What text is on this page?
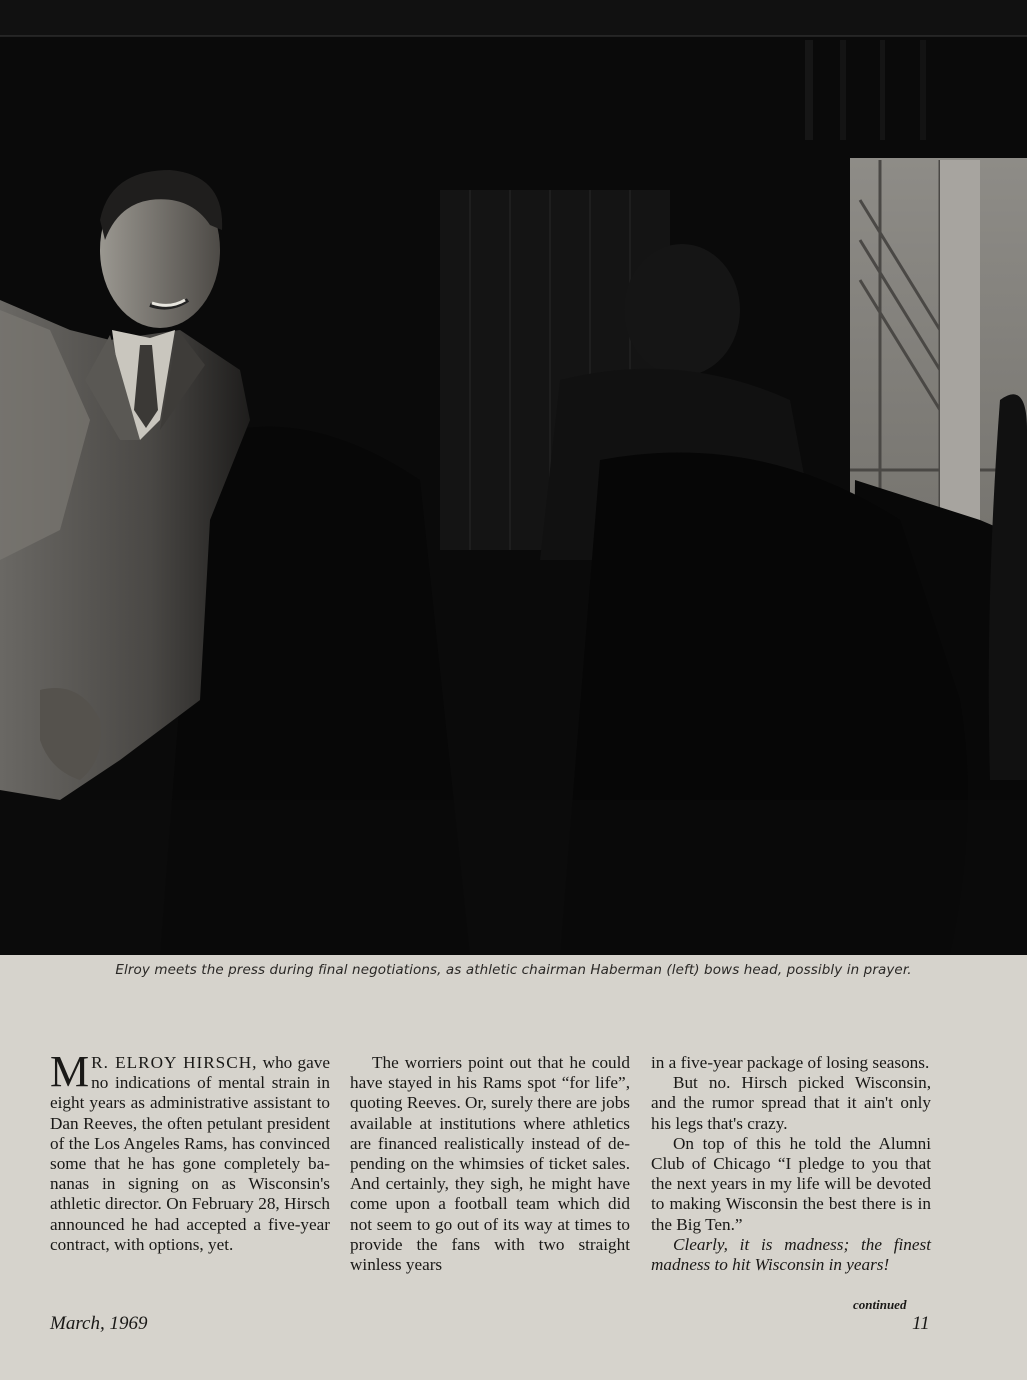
Elroy meets the press during final negotiations, as athletic chairman Haberman (left) bows head, possibly in prayer.

M R. ELROY HIRSCH, who gave no indications of mental strain in eight years as administrative assistant to Dan Reeves, the often petulant president of the Los Angeles Rams, has convinced some that he has gone completely bananas in signing on as Wisconsin's athletic director. On February 28, Hirsch announced he had accepted a five-year contract, with options, yet.

The worriers point out that he could have stayed in his Rams spot “for life”, quoting Reeves. Or, surely there are jobs available at institutions where athletics are financed realistically instead of depending on the whimsies of ticket sales. And certainly, they sigh, he might have come upon a football team which did not seem to go out of its way at times to provide the fans with two straight winless years

in a five-year package of losing seasons.

But no. Hirsch picked Wisconsin, and the rumor spread that it ain't only his legs that's crazy.

On top of this he told the Alumni Club of Chicago “I pledge to you that the next years in my life will be devoted to making Wisconsin the best there is in the Big Ten.”

Clearly, it is madness; the finest madness to hit Wisconsin in years!

continued
March, 1969	11
